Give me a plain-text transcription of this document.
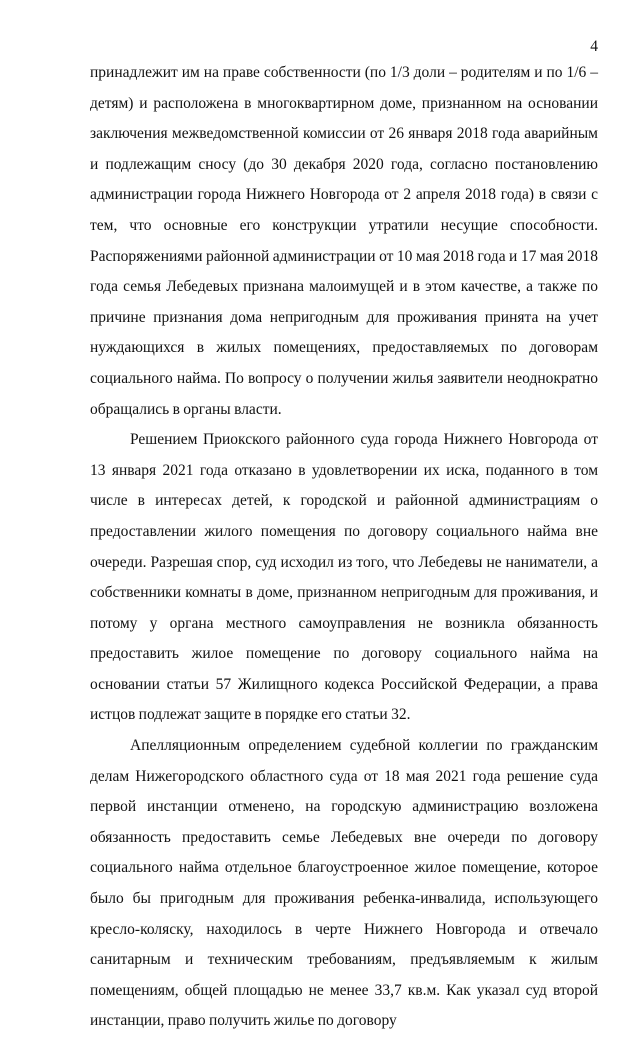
4

принадлежит им на праве собственности (по 1/3 доли – родителям и по 1/6 – детям) и расположена в многоквартирном доме, признанном на основании заключения межведомственной комиссии от 26 января 2018 года аварийным и подлежащим сносу (до 30 декабря 2020 года, согласно постановлению администрации города Нижнего Новгорода от 2 апреля 2018 года) в связи с тем, что основные его конструкции утратили несущие способности. Распоряжениями районной администрации от 10 мая 2018 года и 17 мая 2018 года семья Лебедевых признана малоимущей и в этом качестве, а также по причине признания дома непригодным для проживания принята на учет нуждающихся в жилых помещениях, предоставляемых по договорам социального найма. По вопросу о получении жилья заявители неоднократно обращались в органы власти.

Решением Приокского районного суда города Нижнего Новгорода от 13 января 2021 года отказано в удовлетворении их иска, поданного в том числе в интересах детей, к городской и районной администрациям о предоставлении жилого помещения по договору социального найма вне очереди. Разрешая спор, суд исходил из того, что Лебедевы не наниматели, а собственники комнаты в доме, признанном непригодным для проживания, и потому у органа местного самоуправления не возникла обязанность предоставить жилое помещение по договору социального найма на основании статьи 57 Жилищного кодекса Российской Федерации, а права истцов подлежат защите в порядке его статьи 32.

Апелляционным определением судебной коллегии по гражданским делам Нижегородского областного суда от 18 мая 2021 года решение суда первой инстанции отменено, на городскую администрацию возложена обязанность предоставить семье Лебедевых вне очереди по договору социального найма отдельное благоустроенное жилое помещение, которое было бы пригодным для проживания ребенка-инвалида, использующего кресло-коляску, находилось в черте Нижнего Новгорода и отвечало санитарным и техническим требованиям, предъявляемым к жилым помещениям, общей площадью не менее 33,7 кв.м. Как указал суд второй инстанции, право получить жилье по договору
